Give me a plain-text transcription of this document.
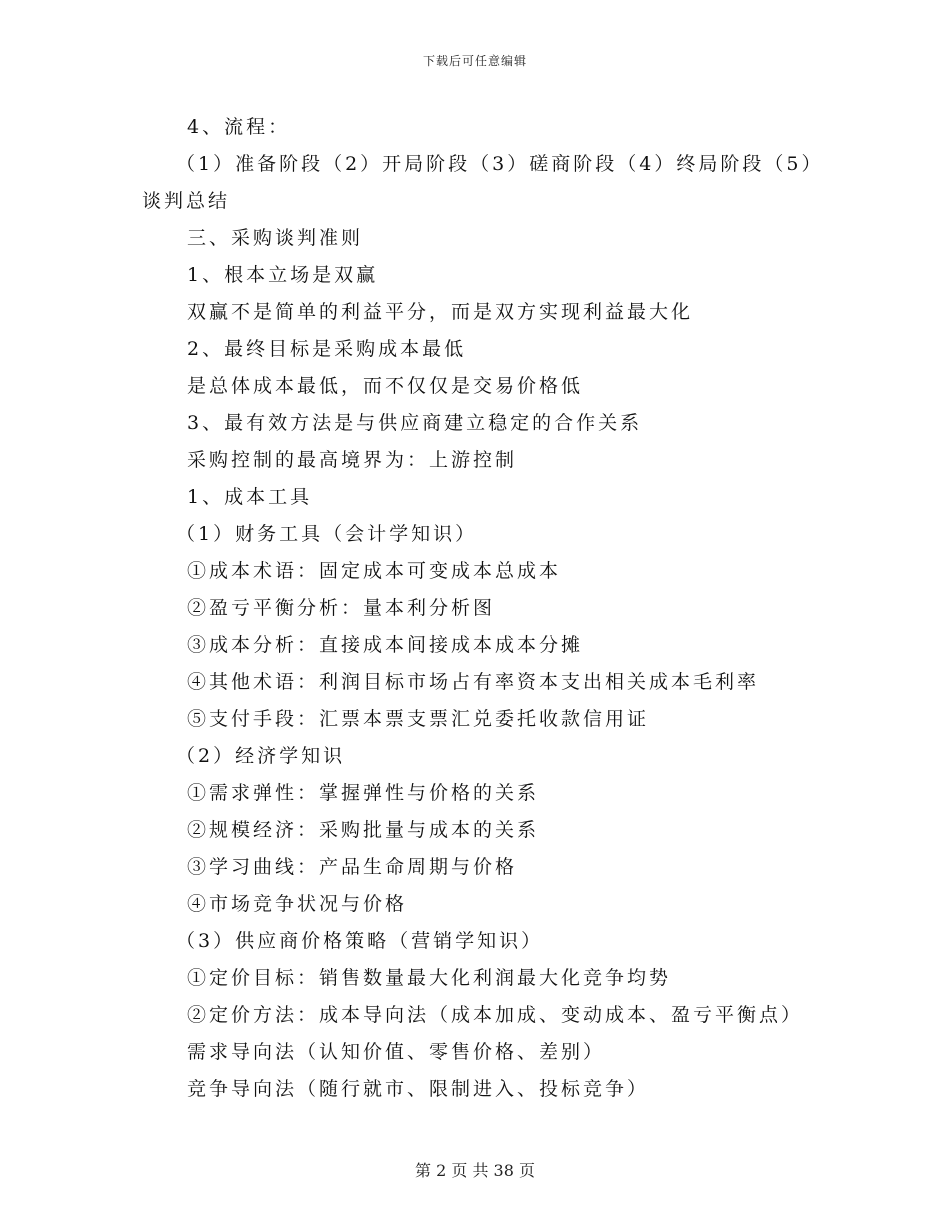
下载后可任意编辑
4、流程：
（1）准备阶段（2）开局阶段（3）磋商阶段（4）终局阶段（5）
谈判总结
三、采购谈判准则
1、根本立场是双赢
双赢不是简单的利益平分，而是双方实现利益最大化
2、最终目标是采购成本最低
是总体成本最低，而不仅仅是交易价格低
3、最有效方法是与供应商建立稳定的合作关系
采购控制的最高境界为：上游控制
1、成本工具
（1）财务工具（会计学知识）
①成本术语：固定成本可变成本总成本
②盈亏平衡分析：量本利分析图
③成本分析：直接成本间接成本成本分摊
④其他术语：利润目标市场占有率资本支出相关成本毛利率
⑤支付手段：汇票本票支票汇兑委托收款信用证
（2）经济学知识
①需求弹性：掌握弹性与价格的关系
②规模经济：采购批量与成本的关系
③学习曲线：产品生命周期与价格
④市场竞争状况与价格
（3）供应商价格策略（营销学知识）
①定价目标：销售数量最大化利润最大化竞争均势
②定价方法：成本导向法（成本加成、变动成本、盈亏平衡点）
需求导向法（认知价值、零售价格、差别）
竞争导向法（随行就市、限制进入、投标竞争）
第 2 页 共 38 页
